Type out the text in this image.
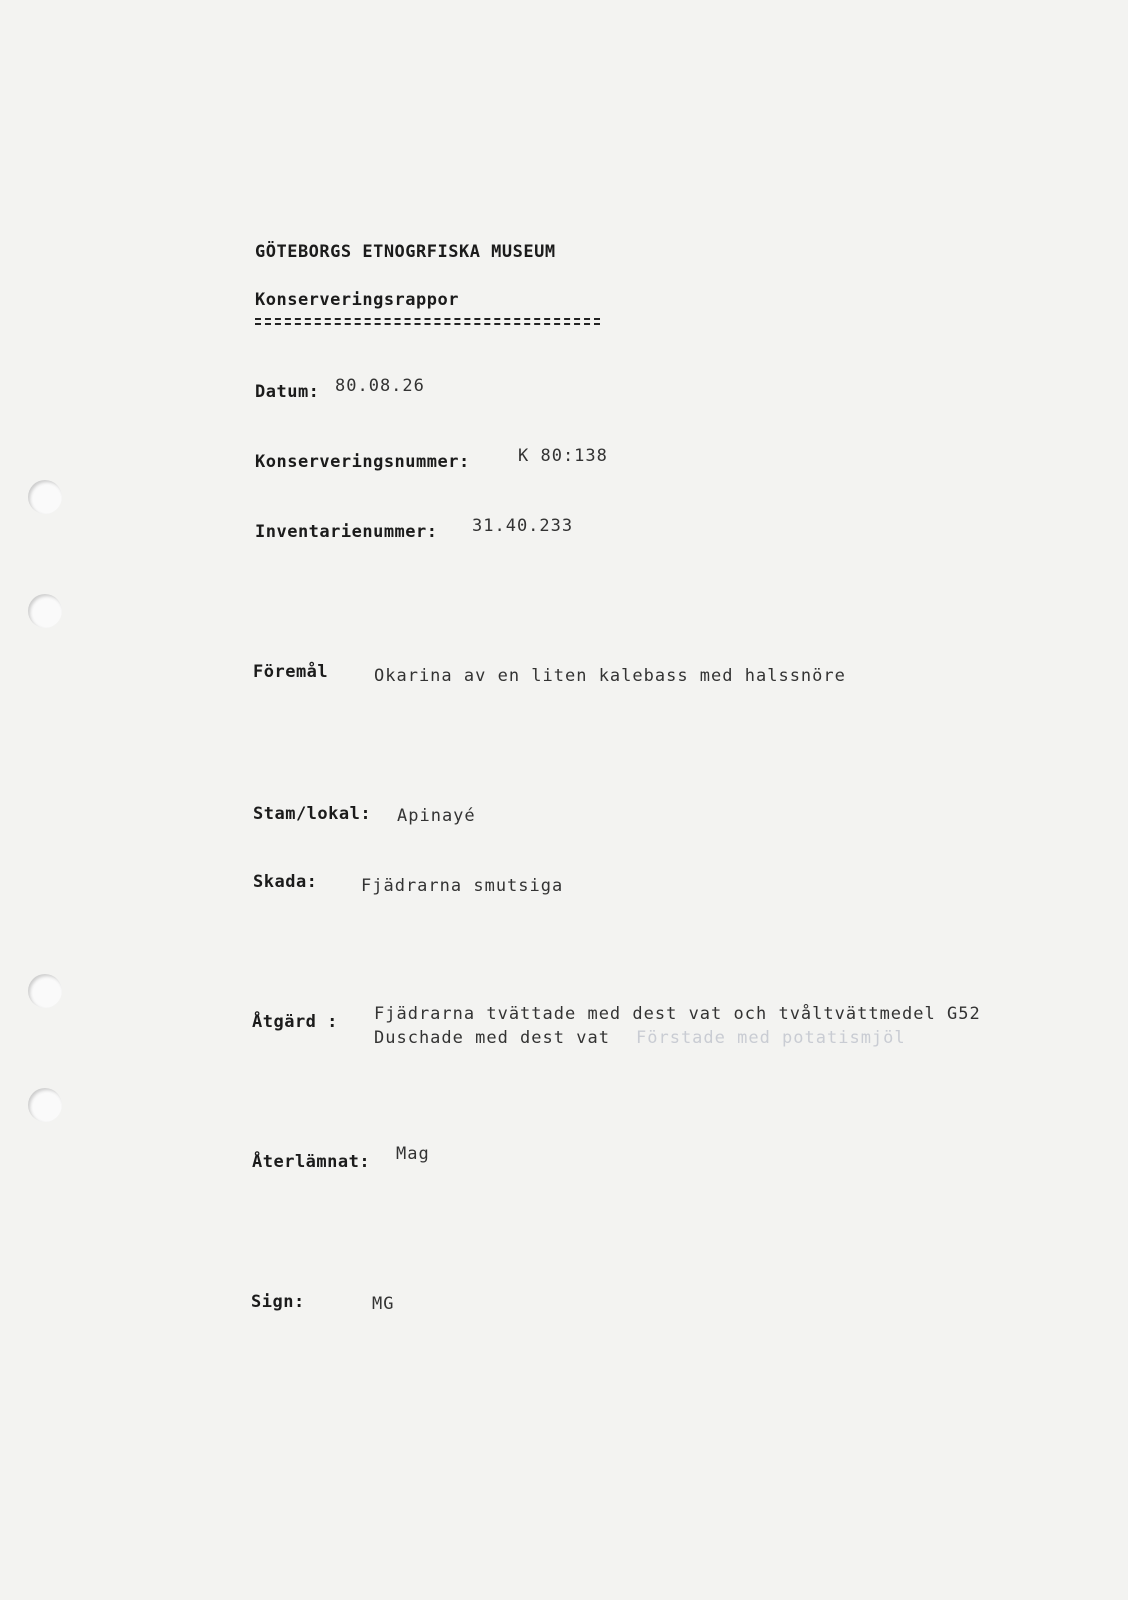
GÖTEBORGS ETNOGRFISKA MUSEUM
Konserveringsrappor
Datum: 80.08.26
Konserveringsnummer:	K 80:138
Inventarienummer: 31.40.233
Föremål	Okarina av en liten kalebass med halssnöre
Stam/lokal: Apinayé
Skada:	Fjädrarna smutsiga
Åtgärd : Fjädrarna tvättade med dest vat och tvåltvättmedel G52
Duschade med dest vat Förstade med potatismjöl
Återlämnat: Mag
Sign:	MG
